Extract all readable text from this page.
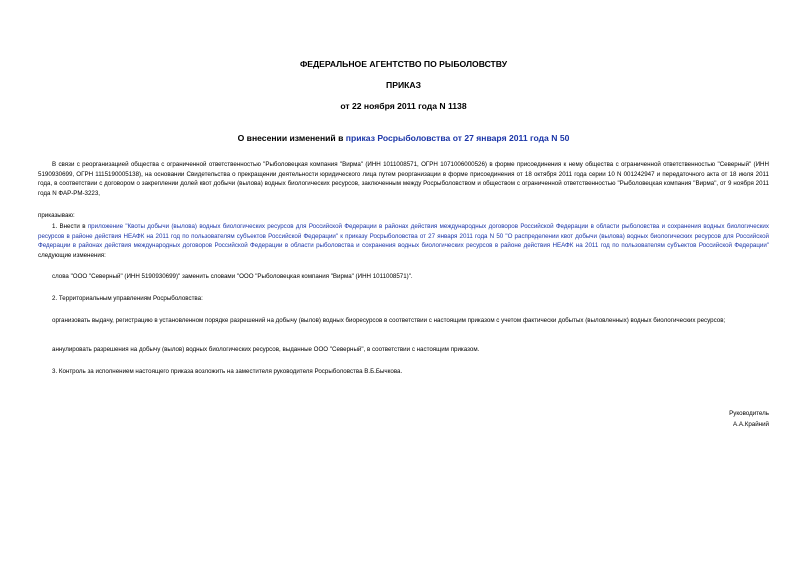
ФЕДЕРАЛЬНОЕ АГЕНТСТВО ПО РЫБОЛОВСТВУ
ПРИКАЗ
от 22 ноября 2011 года N 1138
О внесении изменений в приказ Росрыболовства от 27 января 2011 года N 50
В связи с реорганизацией общества с ограниченной ответственностью "Рыболовецкая компания "Вирма" (ИНН 1011008571, ОГРН 1071006000526) в форме присоединения к нему общества с ограниченной ответственностью "Северный" (ИНН 5190930699, ОГРН 1115190005138), на основании Свидетельства о прекращении деятельности юридического лица путем реорганизации в форме присоединения от 18 октября 2011 года серии 10 N 001242947 и передаточного акта от 18 июля 2011 года, в соответствии с договором о закреплении долей квот добычи (вылова) водных биологических ресурсов, заключенным между Росрыболовством и обществом с ограниченной ответственностью "Рыболовецкая компания "Вирма", от 9 ноября 2011 года N ФАР-РМ-3223,
приказываю:
1. Внести в приложение "Квоты добычи (вылова) водных биологических ресурсов для Российской Федерации в районах действия международных договоров Российской Федерации в области рыболовства и сохранения водных биологических ресурсов в районе действия НЕАФК на 2011 год по пользователям субъектов Российской Федерации" к приказу Росрыболовства от 27 января 2011 года N 50 "О распределении квот добычи (вылова) водных биологических ресурсов для Российской Федерации в районах действия международных договоров Российской Федерации в области рыболовства и сохранения водных биологических ресурсов в районе действия НЕАФК на 2011 год по пользователям субъектов Российской Федерации" следующие изменения:
слова "ООО "Северный" (ИНН 5190930699)" заменить словами "ООО "Рыболовецкая компания "Вирма" (ИНН 1011008571)".
2. Территориальным управлениям Росрыболовства:
организовать выдачу, регистрацию в установленном порядке разрешений на добычу (вылов) водных биоресурсов в соответствии с настоящим приказом с учетом фактически добытых (выловленных) водных биологических ресурсов;
аннулировать разрешения на добычу (вылов) водных биологических ресурсов, выданные ООО "Северный", в соответствии с настоящим приказом.
3. Контроль за исполнением настоящего приказа возложить на заместителя руководителя Росрыболовства В.Б.Бычкова.
Руководитель
А.А.Крайний
